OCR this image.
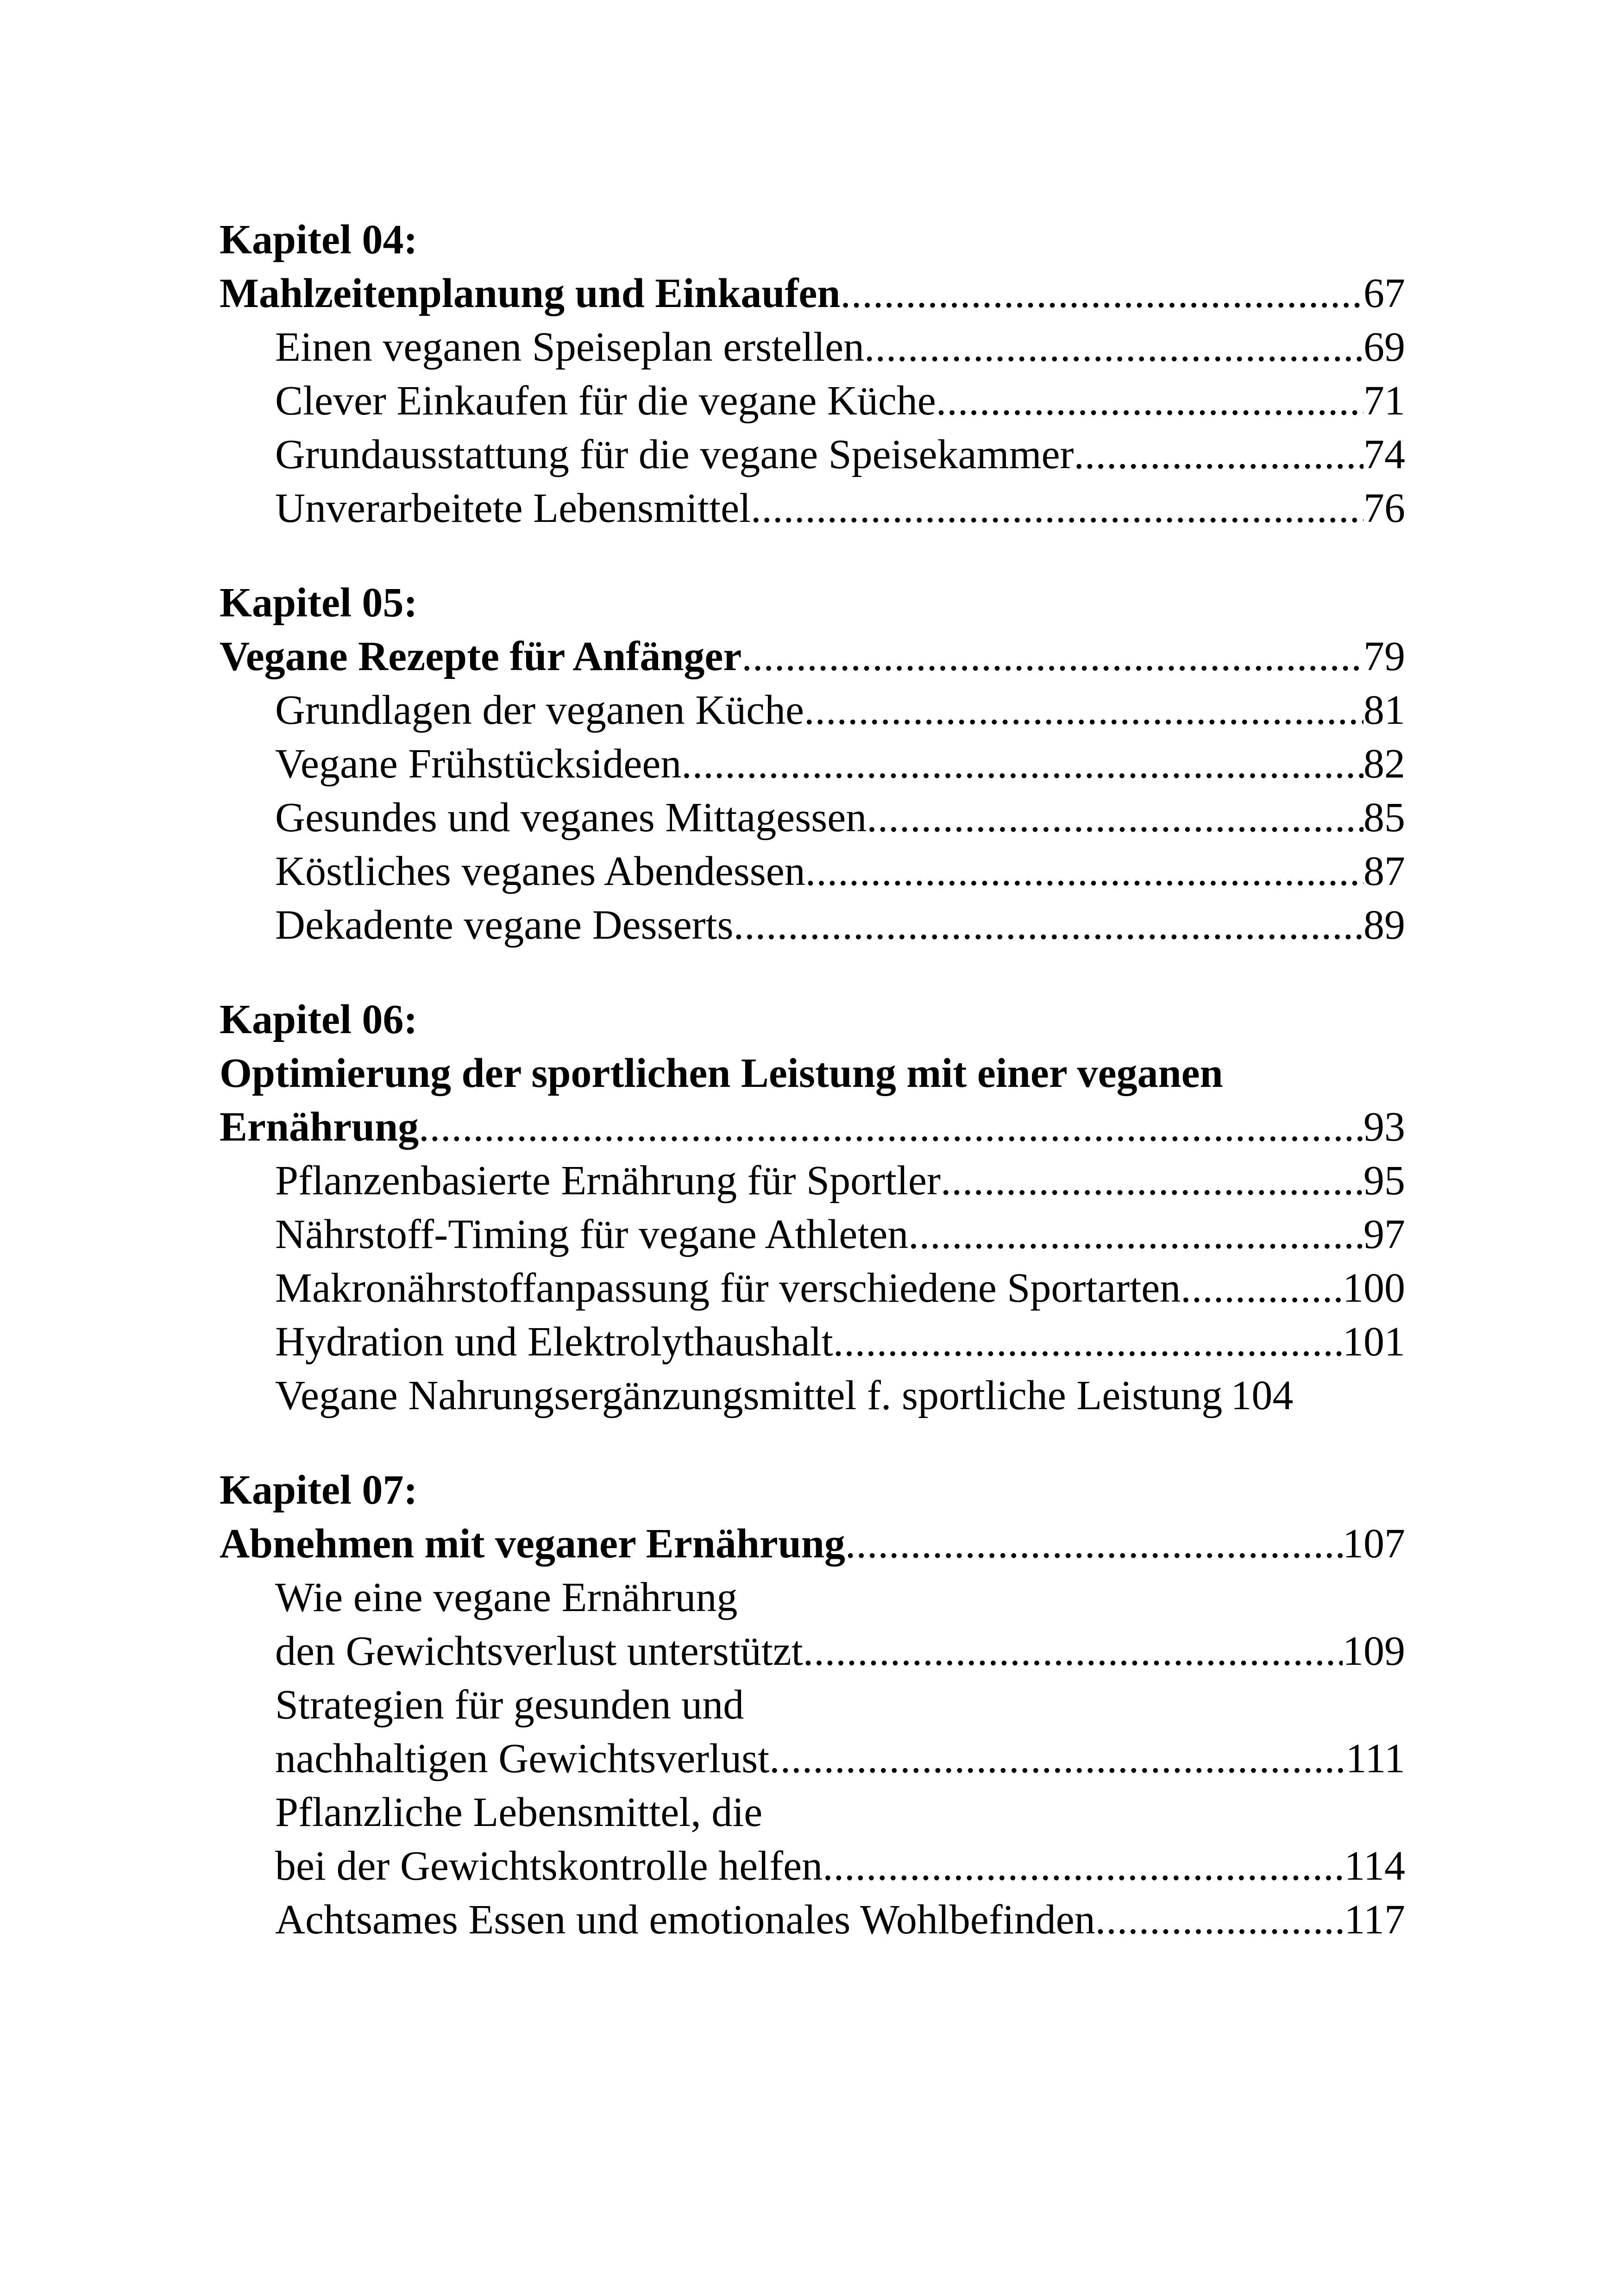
Kapitel 04:
Mahlzeitenplanung und Einkaufen .....	67
Einen veganen Speiseplan erstellen .....	69
Clever Einkaufen für die vegane Küche .....	71
Grundausstattung für die vegane Speisekammer .....	74
Unverarbeitete Lebensmittel .....	76
Kapitel 05:
Vegane Rezepte für Anfänger .....	79
Grundlagen der veganen Küche .....	81
Vegane Frühstücksideen .....	82
Gesundes und veganes Mittagessen .....	85
Köstliches veganes Abendessen .....	87
Dekadente vegane Desserts .....	89
Kapitel 06:
Optimierung der sportlichen Leistung mit einer veganen
Ernährung .....	93
Pflanzenbasierte Ernährung für Sportler .....	95
Nährstoff-Timing für vegane Athleten .....	97
Makronährstoffanpassung für verschiedene Sportarten .....	100
Hydration und Elektrolythaushalt .....	101
Vegane Nahrungsergänzungsmittel f. sportliche Leistung 104
Kapitel 07:
Abnehmen mit veganer Ernährung .....	107
Wie eine vegane Ernährung
den Gewichtsverlust unterstützt .....	109
Strategien für gesunden und
nachhaltigen Gewichtsverlust .....	111
Pflanzliche Lebensmittel, die
bei der Gewichtskontrolle helfen .....	114
Achtsames Essen und emotionales Wohlbefinden .....	117
